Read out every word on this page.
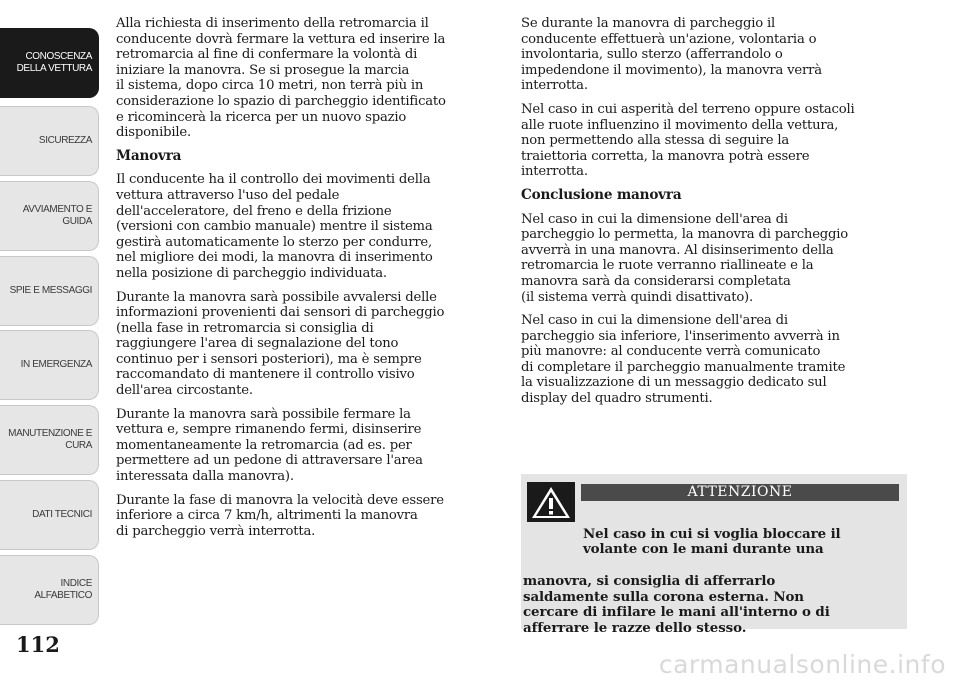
CONOSCENZA
DELLA VETTURA
SICUREZZA
AVVIAMENTO E
GUIDA
SPIE E MESSAGGI
IN EMERGENZA
MANUTENZIONE E
CURA
DATI TECNICI
INDICE
ALFABETICO
112

Alla richiesta di inserimento della retromarcia il
conducente dovrà fermare la vettura ed inserire la
retromarcia al fine di confermare la volontà di
iniziare la manovra. Se si prosegue la marcia
il sistema, dopo circa 10 metri, non terrà più in
considerazione lo spazio di parcheggio identificato
e ricomincerà la ricerca per un nuovo spazio
disponibile.

Manovra

Il conducente ha il controllo dei movimenti della
vettura attraverso l'uso del pedale
dell'acceleratore, del freno e della frizione
(versioni con cambio manuale) mentre il sistema
gestirà automaticamente lo sterzo per condurre,
nel migliore dei modi, la manovra di inserimento
nella posizione di parcheggio individuata.

Durante la manovra sarà possibile avvalersi delle
informazioni provenienti dai sensori di parcheggio
(nella fase in retromarcia si consiglia di
raggiungere l'area di segnalazione del tono
continuo per i sensori posteriori), ma è sempre
raccomandato di mantenere il controllo visivo
dell'area circostante.

Durante la manovra sarà possibile fermare la
vettura e, sempre rimanendo fermi, disinserire
momentaneamente la retromarcia (ad es. per
permettere ad un pedone di attraversare l'area
interessata dalla manovra).

Durante la fase di manovra la velocità deve essere
inferiore a circa 7 km/h, altrimenti la manovra
di parcheggio verrà interrotta.

Se durante la manovra di parcheggio il
conducente effettuerà un'azione, volontaria o
involontaria, sullo sterzo (afferrandolo o
impedendone il movimento), la manovra verrà
interrotta.

Nel caso in cui asperità del terreno oppure ostacoli
alle ruote influenzino il movimento della vettura,
non permettendo alla stessa di seguire la
traiettoria corretta, la manovra potrà essere
interrotta.

Conclusione manovra

Nel caso in cui la dimensione dell'area di
parcheggio lo permetta, la manovra di parcheggio
avverrà in una manovra. Al disinserimento della
retromarcia le ruote verranno riallineate e la
manovra sarà da considerarsi completata
(il sistema verrà quindi disattivato).

Nel caso in cui la dimensione dell'area di
parcheggio sia inferiore, l'inserimento avverrà in
più manovre: al conducente verrà comunicato
di completare il parcheggio manualmente tramite
la visualizzazione di un messaggio dedicato sul
display del quadro strumenti.

ATTENZIONE

Nel caso in cui si voglia bloccare il
volante con le mani durante una

manovra, si consiglia di afferrarlo
saldamente sulla corona esterna. Non
cercare di infilare le mani all'interno o di
afferrare le razze dello stesso.

carmanualsonline.info
